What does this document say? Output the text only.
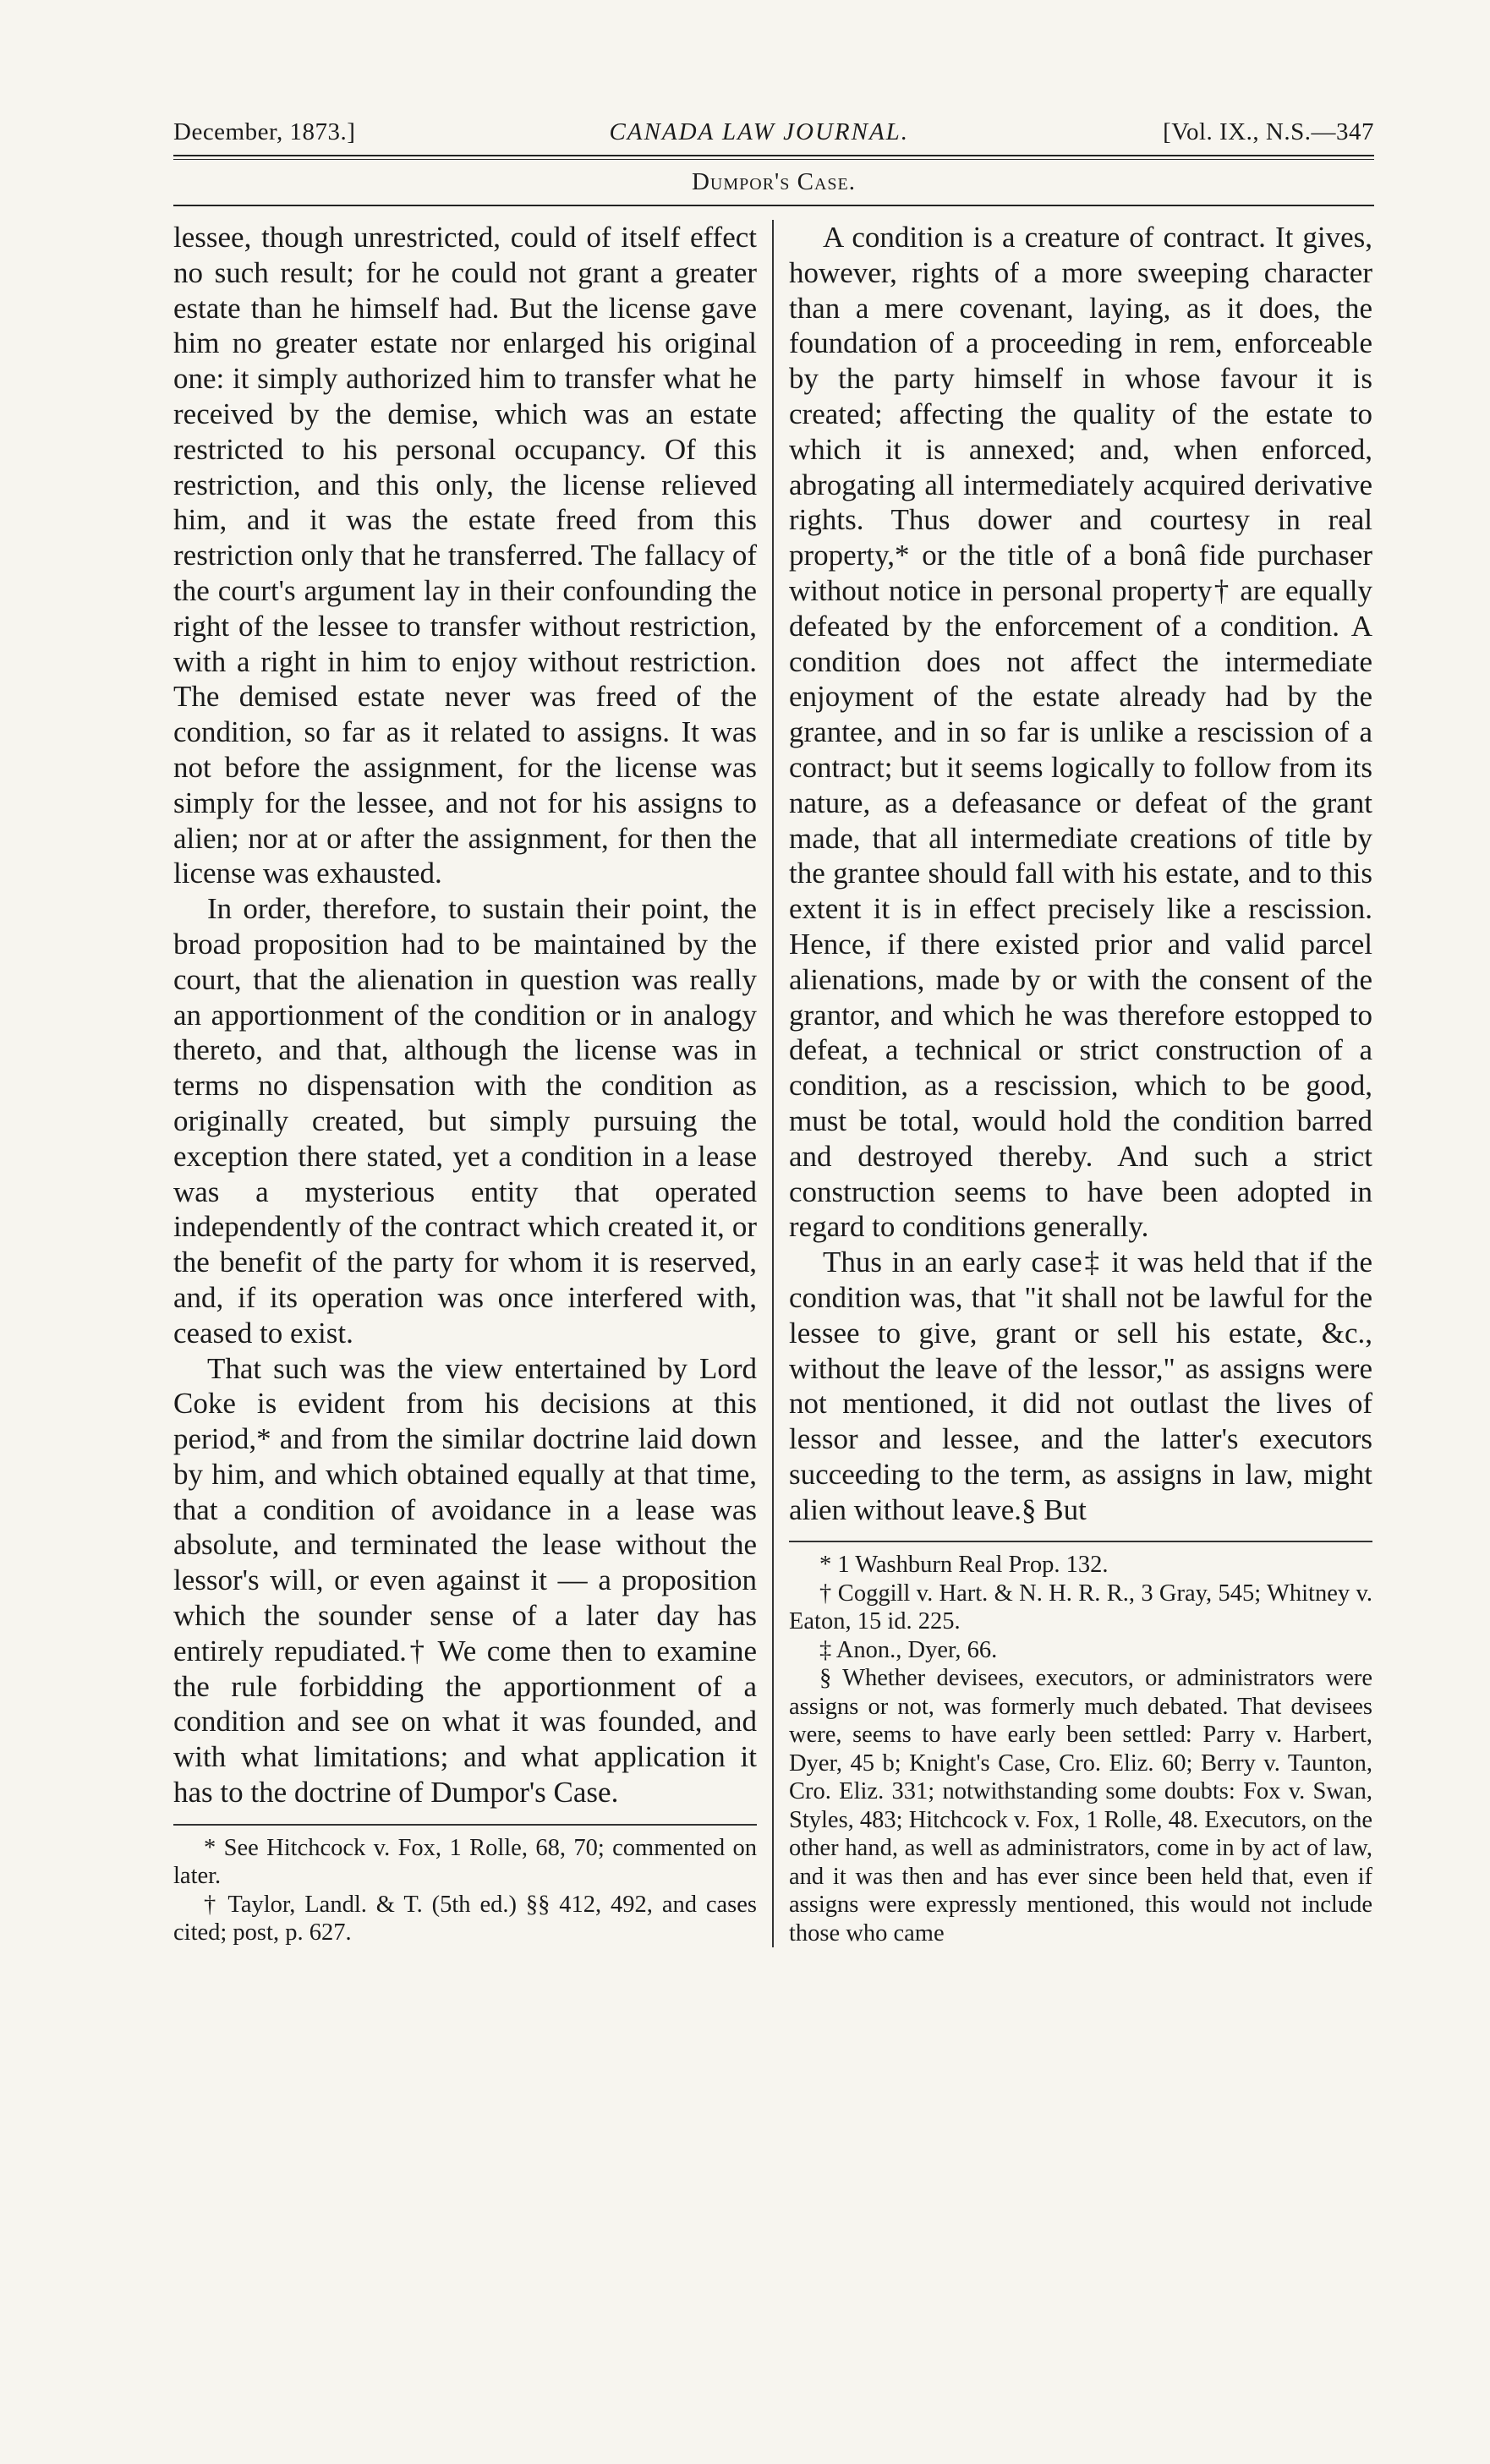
December, 1873.]	CANADA LAW JOURNAL.	[Vol. IX., N.S.—347
Dumpor's Case.

lessee, though unrestricted, could of itself effect no such result; for he could not grant a greater estate than he himself had. But the license gave him no greater estate nor enlarged his original one: it simply authorized him to transfer what he received by the demise, which was an estate restricted to his personal occupancy. Of this restriction, and this only, the license relieved him, and it was the estate freed from this restriction only that he transferred. The fallacy of the court's argument lay in their confounding the right of the lessee to transfer without restriction, with a right in him to enjoy without restriction. The demised estate never was freed of the condition, so far as it related to assigns. It was not before the assignment, for the license was simply for the lessee, and not for his assigns to alien; nor at or after the assignment, for then the license was exhausted.

In order, therefore, to sustain their point, the broad proposition had to be maintained by the court, that the alienation in question was really an apportionment of the condition or in analogy thereto, and that, although the license was in terms no dispensation with the condition as originally created, but simply pursuing the exception there stated, yet a condition in a lease was a mysterious entity that operated independently of the contract which created it, or the benefit of the party for whom it is reserved, and, if its operation was once interfered with, ceased to exist.

That such was the view entertained by Lord Coke is evident from his decisions at this period,* and from the similar doctrine laid down by him, and which obtained equally at that time, that a condition of avoidance in a lease was absolute, and terminated the lease without the lessor's will, or even against it — a proposition which the sounder sense of a later day has entirely repudiated.† We come then to examine the rule forbidding the apportionment of a condition and see on what it was founded, and with what limitations; and what application it has to the doctrine of Dumpor's Case.

* See Hitchcock v. Fox, 1 Rolle, 68, 70; commented on later.

† Taylor, Landl. & T. (5th ed.) §§ 412, 492, and cases cited; post, p. 627.

A condition is a creature of contract. It gives, however, rights of a more sweeping character than a mere covenant, laying, as it does, the foundation of a proceeding in rem, enforceable by the party himself in whose favour it is created; affecting the quality of the estate to which it is annexed; and, when enforced, abrogating all intermediately acquired derivative rights. Thus dower and courtesy in real property,* or the title of a bonâ fide purchaser without notice in personal property† are equally defeated by the enforcement of a condition. A condition does not affect the intermediate enjoyment of the estate already had by the grantee, and in so far is unlike a rescission of a contract; but it seems logically to follow from its nature, as a defeasance or defeat of the grant made, that all intermediate creations of title by the grantee should fall with his estate, and to this extent it is in effect precisely like a rescission. Hence, if there existed prior and valid parcel alienations, made by or with the consent of the grantor, and which he was therefore estopped to defeat, a technical or strict construction of a condition, as a rescission, which to be good, must be total, would hold the condition barred and destroyed thereby. And such a strict construction seems to have been adopted in regard to conditions generally.

Thus in an early case‡ it was held that if the condition was, that "it shall not be lawful for the lessee to give, grant or sell his estate, &c., without the leave of the lessor," as assigns were not mentioned, it did not outlast the lives of lessor and lessee, and the latter's executors succeeding to the term, as assigns in law, might alien without leave.§ But

* 1 Washburn Real Prop. 132.

† Coggill v. Hart. & N. H. R. R., 3 Gray, 545; Whitney v. Eaton, 15 id. 225.

‡ Anon., Dyer, 66.

§ Whether devisees, executors, or administrators were assigns or not, was formerly much debated. That devisees were, seems to have early been settled: Parry v. Harbert, Dyer, 45 b; Knight's Case, Cro. Eliz. 60; Berry v. Taunton, Cro. Eliz. 331; notwithstanding some doubts: Fox v. Swan, Styles, 483; Hitchcock v. Fox, 1 Rolle, 48. Executors, on the other hand, as well as administrators, come in by act of law, and it was then and has ever since been held that, even if assigns were expressly mentioned, this would not include those who came
